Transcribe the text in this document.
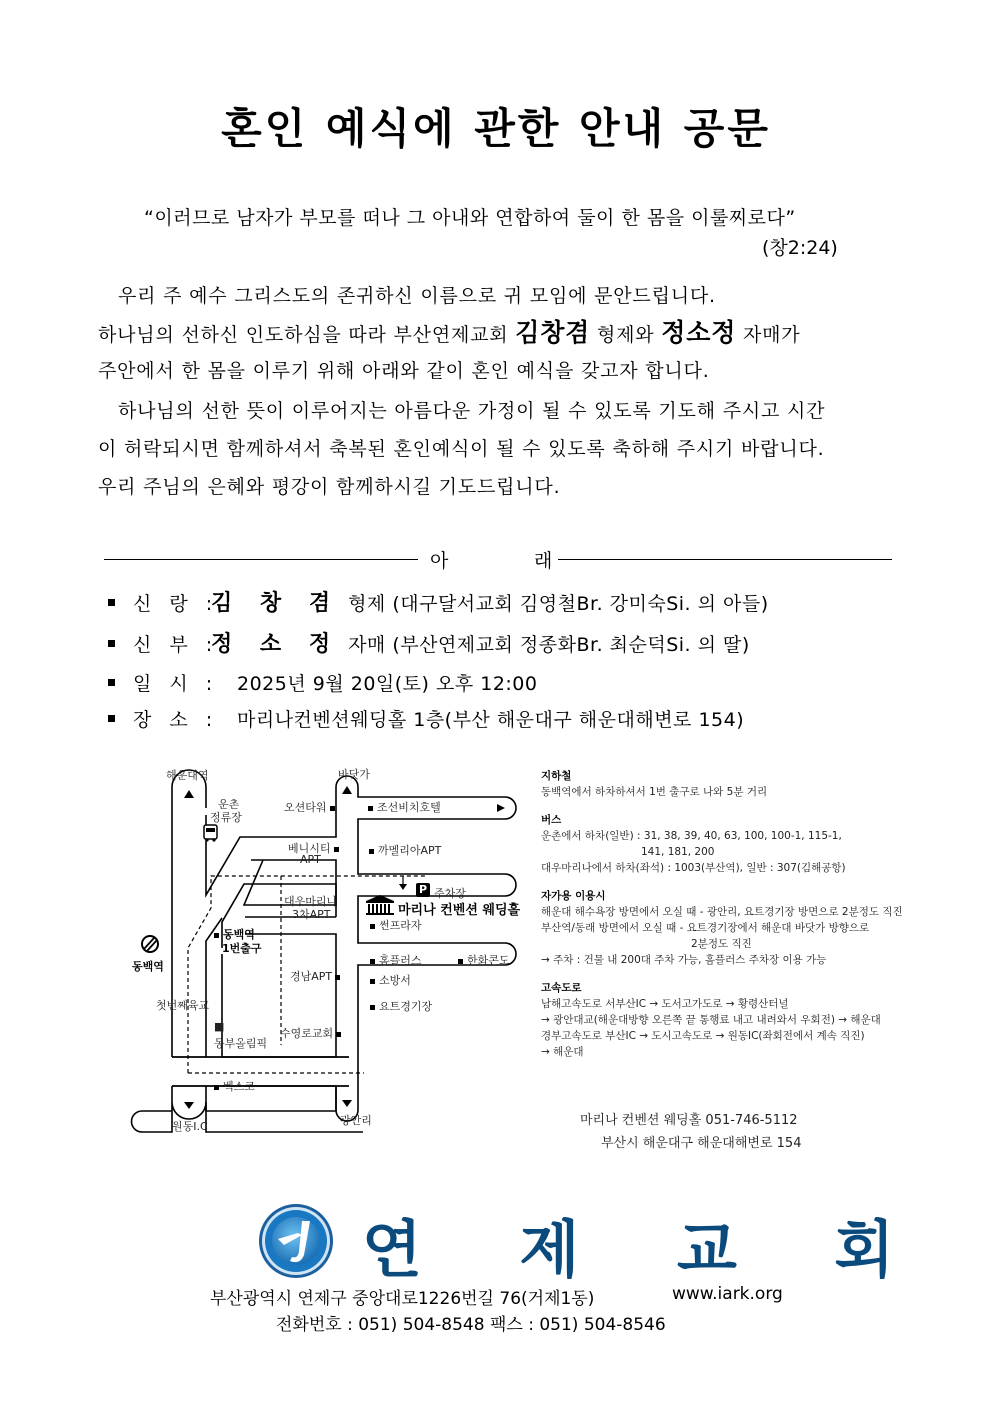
혼인 예식에 관한 안내 공문
“이러므로 남자가 부모를 떠나 그 아내와 연합하여 둘이 한 몸을 이룰찌로다”
(창2:24)
우리 주 예수 그리스도의 존귀하신 이름으로 귀 모임에 문안드립니다.
하나님의 선하신 인도하심을 따라 부산연제교회 김창겸 형제와 정소정 자매가
주안에서 한 몸을 이루기 위해 아래와 같이 혼인 예식을 갖고자 합니다.
하나님의 선한 뜻이 이루어지는 아름다운 가정이 될 수 있도록 기도해 주시고 시간
이 허락되시면 함께하셔서 축복된 혼인예식이 될 수 있도록 축하해 주시기 바랍니다.
우리 주님의 은혜와 평강이 함께하시길 기도드립니다.
아	래
신 랑 :김 창 겸 형제 (대구달서교회 김영철Br. 강미숙Si. 의 아들)
신 부 :정 소 정 자매 (부산연제교회 정종화Br. 최순덕Si. 의 딸)
일 시 : 2025년 9월 20일(토) 오후 12:00
장 소 : 마리나컨벤션웨딩홀 1층(부산 해운대구 해운대해변로 154)
해운대역	바닷가
운촌
정류장
오션타워	조선비치호텔
베니시티
APT
까멜리아APT
대우마리나
3차APT
P 주차장
마리나 컨벤션 웨딩홀
썬프라자
동백역
1번출구
동백역	홈플러스	한화콘도
소방서
경남APT
첫번째육교	요트경기장
수영로교회
■
동부올림픽
벡스코
원동I.C	광안리
지하철
동백역에서 하차하셔서 1번 출구로 나와 5분 거리
버스
운촌에서 하차(일반) : 31, 38, 39, 40, 63, 100, 100-1, 115-1,
141, 181, 200
대우마리나에서 하차(좌석) : 1003(부산역), 일반 : 307(김해공항)
자가용 이용시
해운대 해수욕장 방면에서 오실 때 - 광안리, 요트경기장 방면으로 2분정도 직진
부산역/동래 방면에서 오실 때 - 요트경기장에서 해운대 바닷가 방향으로
2분정도 직진
→ 주차 : 건물 내 200대 주차 가능, 홈플러스 주차장 이용 가능
고속도로
남해고속도로 서부산IC → 도서고가도로 → 황령산터널
→ 광안대교(해운대방향 오른쪽 끝 통행료 내고 내려와서 우회전) → 해운대
경부고속도로 부산IC → 도시고속도로 → 원동IC(좌회전에서 계속 직진)
→ 해운대
마리나 컨벤션 웨딩홀 051-746-5112
부산시 해운대구 해운대해변로 154
연 제 교 회
부산광역시 연제구 중앙대로1226번길 76(거제1동)	www.iark.org
전화번호 : 051) 504-8548 팩스 : 051) 504-8546
